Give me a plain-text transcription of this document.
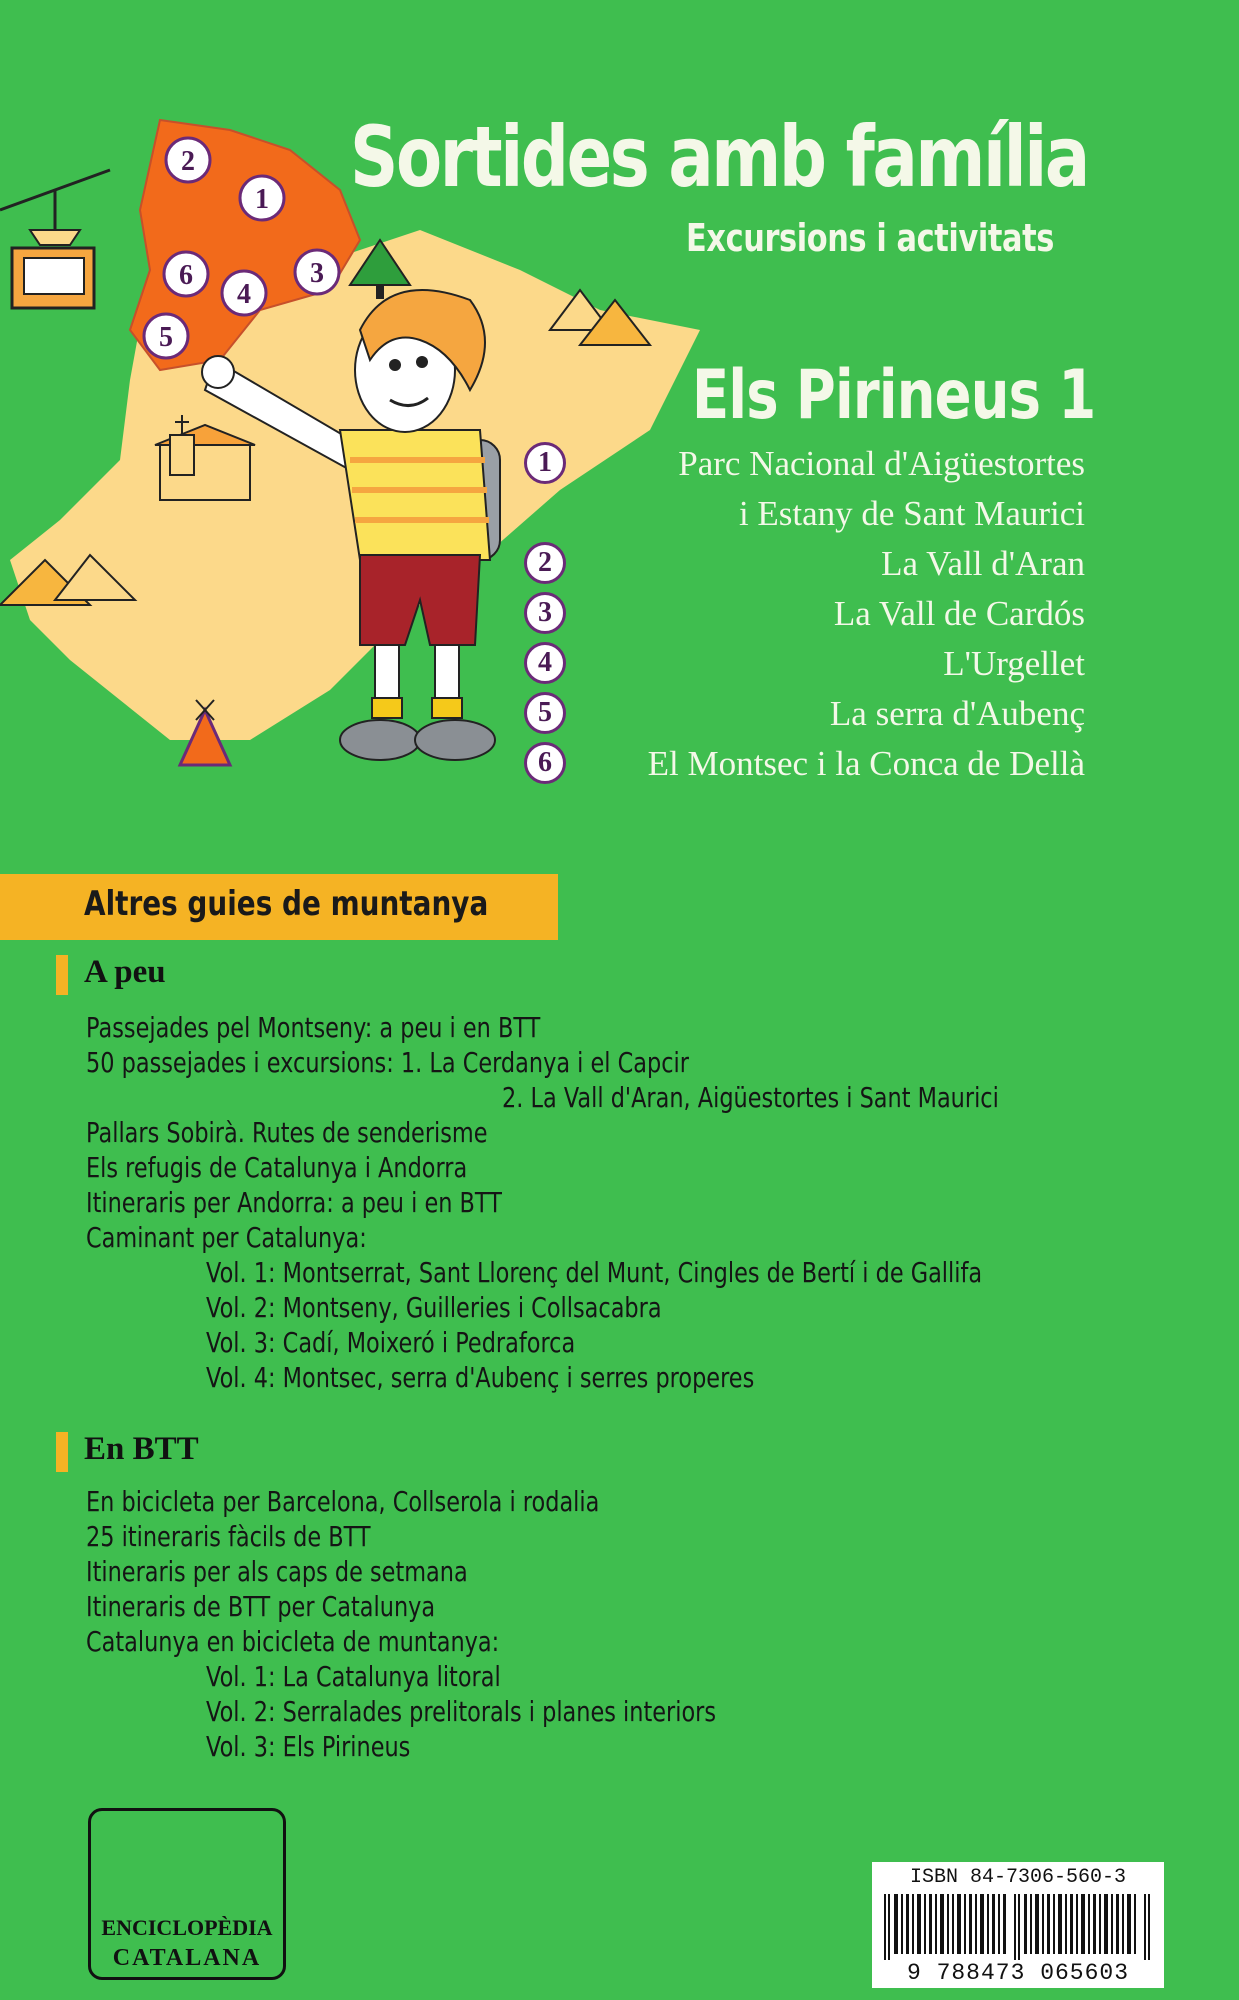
2
1
6
4
3
5
Sortides amb família
Excursions i activitats
Els Pirineus 1
1	Parc Nacional d'Aigüestortes
i Estany de Sant Maurici
2	La Vall d'Aran
3	La Vall de Cardós
4	L'Urgellet
5	La serra d'Aubenç
6	El Montsec i la Conca de Dellà
Altres guies de muntanya
A peu
Passejades pel Montseny: a peu i en BTT
50 passejades i excursions: 1. La Cerdanya i el Capcir
2. La Vall d'Aran, Aigüestortes i Sant Maurici
Pallars Sobirà. Rutes de senderisme
Els refugis de Catalunya i Andorra
Itineraris per Andorra: a peu i en BTT
Caminant per Catalunya:
Vol. 1: Montserrat, Sant Llorenç del Munt, Cingles de Bertí i de Gallifa
Vol. 2: Montseny, Guilleries i Collsacabra
Vol. 3: Cadí, Moixeró i Pedraforca
Vol. 4: Montsec, serra d'Aubenç i serres properes
En BTT
En bicicleta per Barcelona, Collserola i rodalia
25 itineraris fàcils de BTT
Itineraris per als caps de setmana
Itineraris de BTT per Catalunya
Catalunya en bicicleta de muntanya:
Vol. 1: La Catalunya litoral
Vol. 2: Serralades prelitorals i planes interiors
Vol. 3: Els Pirineus
ENCICLOPÈDIA
CATALANA
ISBN 84-7306-560-3
9 788473 065603
